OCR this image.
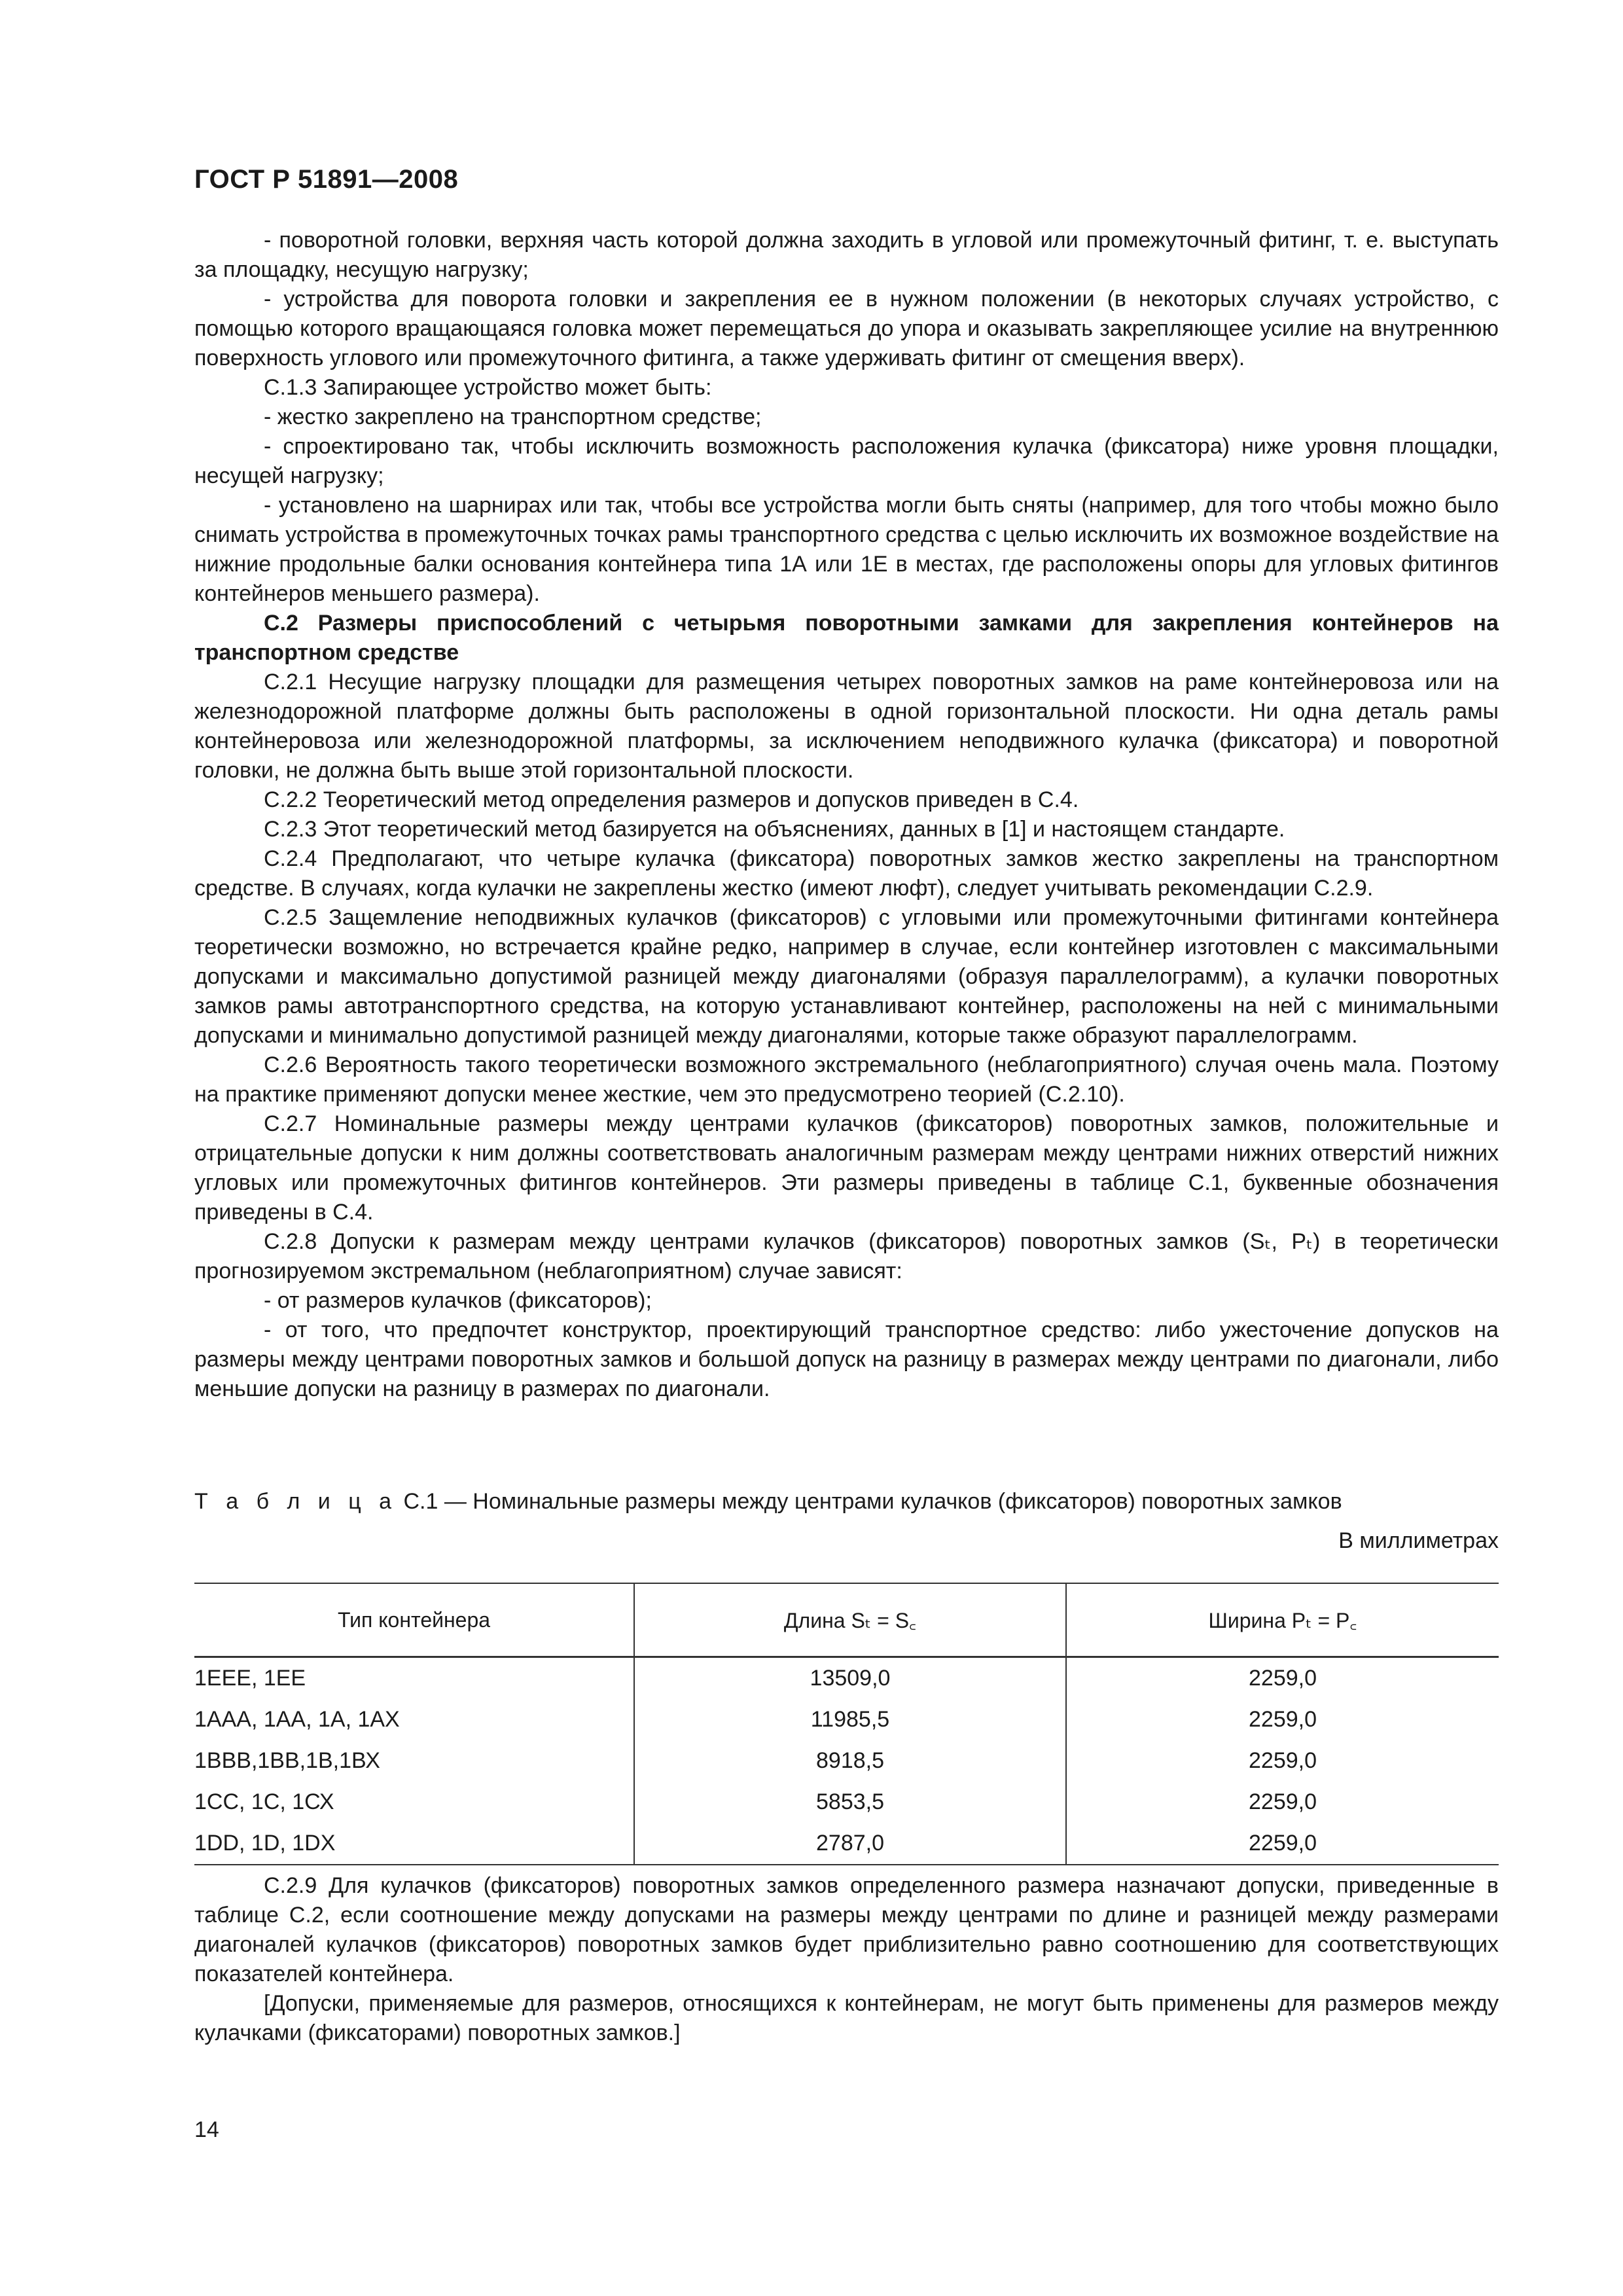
ГОСТ Р 51891—2008

- поворотной головки, верхняя часть которой должна заходить в угловой или промежуточный фитинг, т. е. выступать за площадку, несущую нагрузку;

- устройства для поворота головки и закрепления ее в нужном положении (в некоторых случаях устройство, с помощью которого вращающаяся головка может перемещаться до упора и оказывать закрепляющее усилие на внутреннюю поверхность углового или промежуточного фитинга, а также удерживать фитинг от смещения вверх).

С.1.3 Запирающее устройство может быть:

- жестко закреплено на транспортном средстве;

- спроектировано так, чтобы исключить возможность расположения кулачка (фиксатора) ниже уровня площадки, несущей нагрузку;

- установлено на шарнирах или так, чтобы все устройства могли быть сняты (например, для того чтобы можно было снимать устройства в промежуточных точках рамы транспортного средства с целью исключить их возможное воздействие на нижние продольные балки основания контейнера типа 1А или 1Е в местах, где расположены опоры для угловых фитингов контейнеров меньшего размера).

С.2 Размеры приспособлений с четырьмя поворотными замками для закрепления контейнеров на транспортном средстве

С.2.1 Несущие нагрузку площадки для размещения четырех поворотных замков на раме контейнеровоза или на железнодорожной платформе должны быть расположены в одной горизонтальной плоскости. Ни одна деталь рамы контейнеровоза или железнодорожной платформы, за исключением неподвижного кулачка (фиксатора) и поворотной головки, не должна быть выше этой горизонтальной плоскости.

С.2.2 Теоретический метод определения размеров и допусков приведен в С.4.

С.2.3 Этот теоретический метод базируется на объяснениях, данных в [1] и настоящем стандарте.

С.2.4 Предполагают, что четыре кулачка (фиксатора) поворотных замков жестко закреплены на транспортном средстве. В случаях, когда кулачки не закреплены жестко (имеют люфт), следует учитывать рекомендации С.2.9.

С.2.5 Защемление неподвижных кулачков (фиксаторов) с угловыми или промежуточными фитингами контейнера теоретически возможно, но встречается крайне редко, например в случае, если контейнер изготовлен с максимальными допусками и максимально допустимой разницей между диагоналями (образуя параллелограмм), а кулачки поворотных замков рамы автотранспортного средства, на которую устанавливают контейнер, расположены на ней с минимальными допусками и минимально допустимой разницей между диагоналями, которые также образуют параллелограмм.

С.2.6 Вероятность такого теоретически возможного экстремального (неблагоприятного) случая очень мала. Поэтому на практике применяют допуски менее жесткие, чем это предусмотрено теорией (С.2.10).

С.2.7 Номинальные размеры между центрами кулачков (фиксаторов) поворотных замков, положительные и отрицательные допуски к ним должны соответствовать аналогичным размерам между центрами нижних отверстий нижних угловых или промежуточных фитингов контейнеров. Эти размеры приведены в таблице С.1, буквенные обозначения приведены в С.4.

С.2.8 Допуски к размерам между центрами кулачков (фиксаторов) поворотных замков (Sₜ, Pₜ) в теоретически прогнозируемом экстремальном (неблагоприятном) случае зависят:

- от размеров кулачков (фиксаторов);

- от того, что предпочтет конструктор, проектирующий транспортное средство: либо ужесточение допусков на размеры между центрами поворотных замков и большой допуск на разницу в размерах между центрами по диагонали, либо меньшие допуски на разницу в размерах по диагонали.

Т а б л и ц а С.1 — Номинальные размеры между центрами кулачков (фиксаторов) поворотных замков
В миллиметрах
Тип контейнера	Длина Sₜ = S꜀	Ширина Pₜ = P꜀
1ЕЕЕ, 1ЕЕ	13509,0	2259,0
1ААА, 1АА, 1А, 1АХ	11985,5	2259,0
1ВВВ,1ВВ,1В,1ВХ	8918,5	2259,0
1СС, 1С, 1СХ	5853,5	2259,0
1DD, 1D, 1DX	2787,0	2259,0

С.2.9 Для кулачков (фиксаторов) поворотных замков определенного размера назначают допуски, приведенные в таблице С.2, если соотношение между допусками на размеры между центрами по длине и разницей между размерами диагоналей кулачков (фиксаторов) поворотных замков будет приблизительно равно соотношению для соответствующих показателей контейнера.

[Допуски, применяемые для размеров, относящихся к контейнерам, не могут быть применены для размеров между кулачками (фиксаторами) поворотных замков.]

14
